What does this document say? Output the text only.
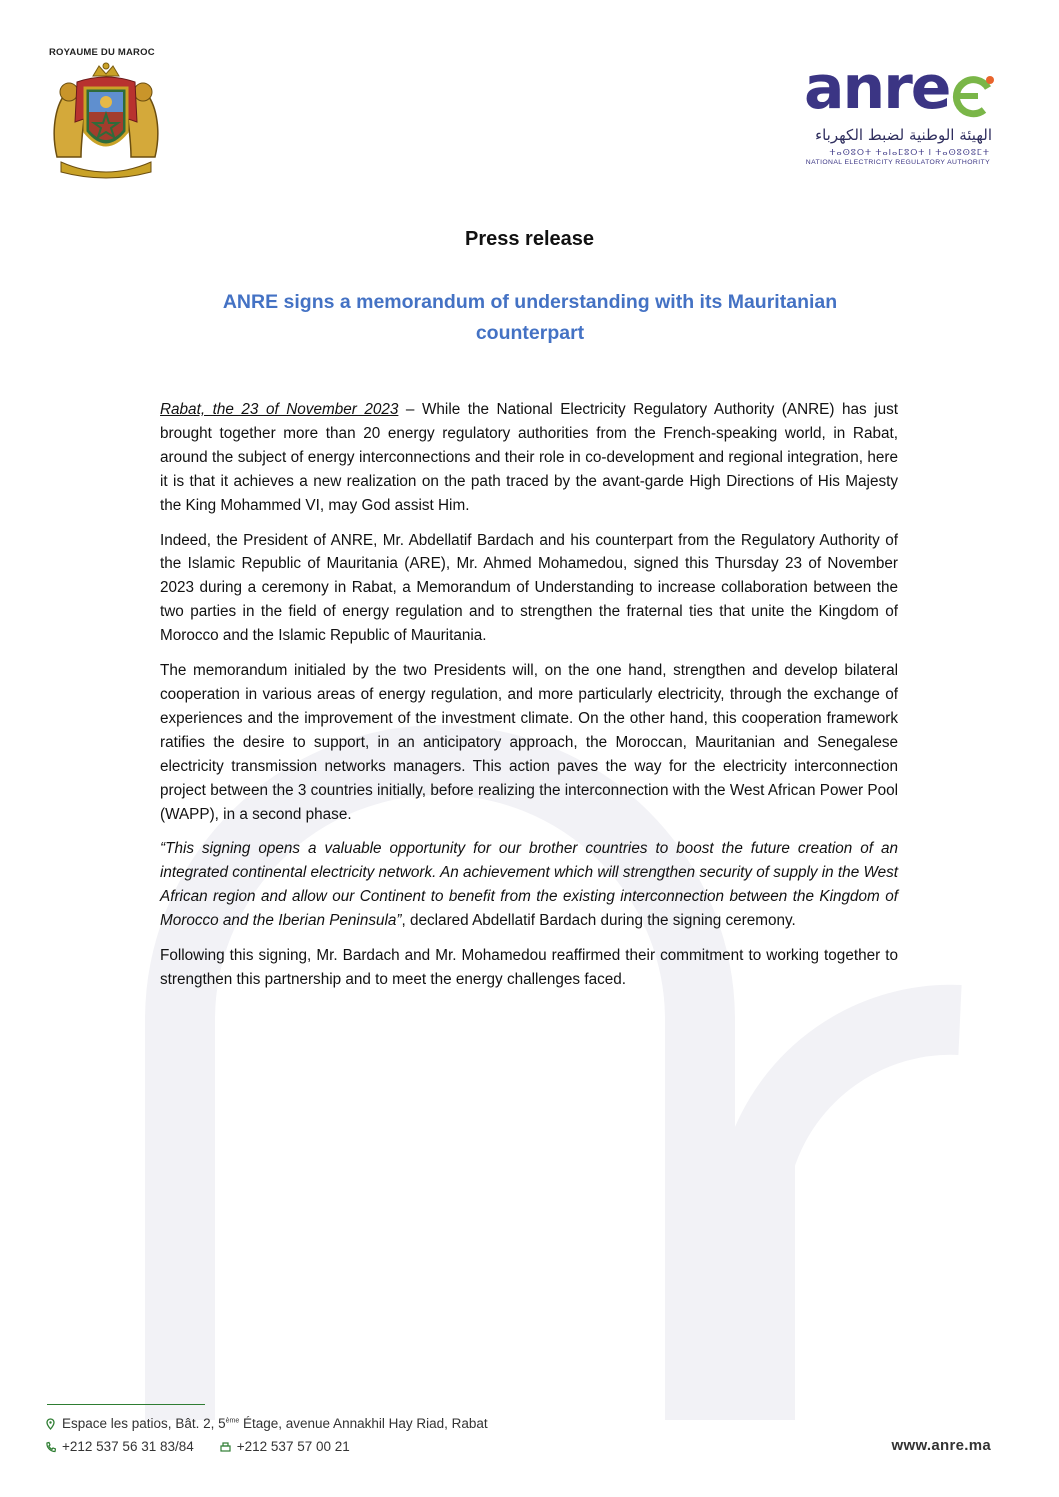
ROYAUME DU MAROC
anre
الهيئة الوطنية لضبط الكهرباء
ⵜⴰⵙⵓⵔⵜ ⵜⴰⵏⴰⵎⵓⵔⵜ ⵏ ⵜⴰⵙⵓⵙⵓⵎⵜ
NATIONAL ELECTRICITY REGULATORY AUTHORITY
Press release
ANRE signs a memorandum of understanding with its Mauritanian counterpart

Rabat, the 23 of November 2023 – While the National Electricity Regulatory Authority (ANRE) has just brought together more than 20 energy regulatory authorities from the French-speaking world, in Rabat, around the subject of energy interconnections and their role in co-development and regional integration, here it is that it achieves a new realization on the path traced by the avant-garde High Directions of His Majesty the King Mohammed VI, may God assist Him.

Indeed, the President of ANRE, Mr. Abdellatif Bardach and his counterpart from the Regulatory Authority of the Islamic Republic of Mauritania (ARE), Mr. Ahmed Mohamedou, signed this Thursday 23 of November 2023 during a ceremony in Rabat, a Memorandum of Understanding to increase collaboration between the two parties in the field of energy regulation and to strengthen the fraternal ties that unite the Kingdom of Morocco and the Islamic Republic of Mauritania.

The memorandum initialed by the two Presidents will, on the one hand, strengthen and develop bilateral cooperation in various areas of energy regulation, and more particularly electricity, through the exchange of experiences and the improvement of the investment climate. On the other hand, this cooperation framework ratifies the desire to support, in an anticipatory approach, the Moroccan, Mauritanian and Senegalese electricity transmission networks managers. This action paves the way for the electricity interconnection project between the 3 countries initially, before realizing the interconnection with the West African Power Pool (WAPP), in a second phase.

“This signing opens a valuable opportunity for our brother countries to boost the future creation of an integrated continental electricity network. An achievement which will strengthen security of supply in the West African region and allow our Continent to benefit from the existing interconnection between the Kingdom of Morocco and the Iberian Peninsula”, declared Abdellatif Bardach during the signing ceremony.

Following this signing, Mr. Bardach and Mr. Mohamedou reaffirmed their commitment to working together to strengthen this partnership and to meet the energy challenges faced.

Espace les patios, Bât. 2, 5ème Étage, avenue Annakhil Hay Riad, Rabat
+212 537 56 31 83/84	+212 537 57 00 21	www.anre.ma
